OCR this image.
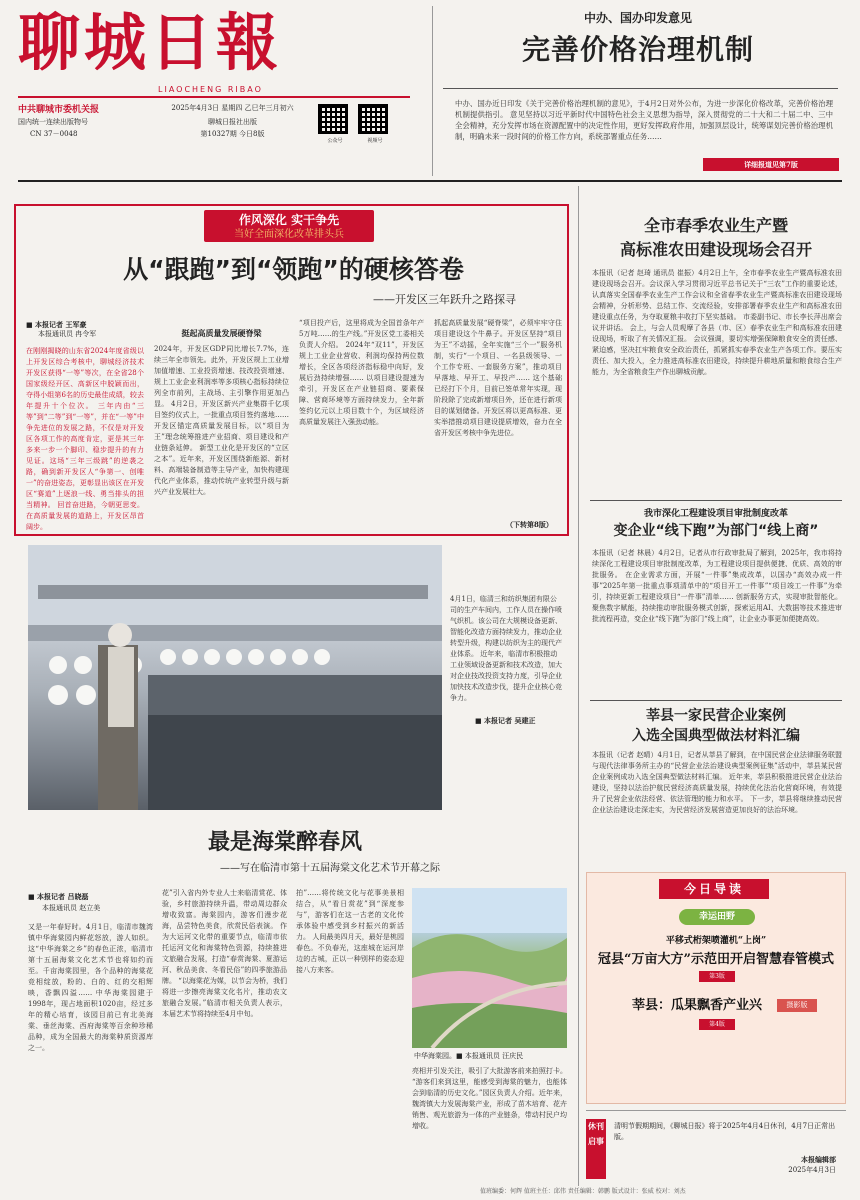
聊城日報
LIAOCHENG RIBAO
中共聊城市委机关报
国内统一连续出版物号
CN 37－0048
2025年4月3日 星期四 乙巳年三月初六
聊城日报社出版
第10327期 今日8版
公众号	视频号
中办、国办印发意见
完善价格治理机制
中办、国办近日印发《关于完善价格治理机制的意见》，于4月2日对外公布，为进一步深化价格改革，完善价格治理机制提供指引。 意见坚持以习近平新时代中国特色社会主义思想为指导，深入贯彻党的二十大和二十届二中、三中全会精神，充分发挥市场在资源配置中的决定性作用，更好发挥政府作用，加强顶层设计，统筹谋划完善价格治理机制，明确未来一段时间的价格工作方向，系统部署重点任务……
详细报道见第7版
作风深化 实干争先
当好全面深化改革排头兵
从“跟跑”到“领跑”的硬核答卷
——开发区三年跃升之路探寻
■ 本报记者 王军豪
本报通讯员 冉令军
在刚刚揭晓的山东省2024年度省级以上开发区综合考核中，聊城经济技术开发区获得“一等”等次，在全省28个国家级经开区、高新区中脱颖而出，夺得小组第6名的历史最佳成绩，较去年提升十个位次。 三年内由“三等”到“二等”到“一等”，并在“一等”中争先进位的发展之路，不仅是对开发区各项工作的高度肯定，更是其三年多来一步一个脚印、稳步提升的有力见证。这场“三年三级跳”的逆袭之路，确到新开发区人“争第一、创唯一”的奋进姿态，更彰显出该区在开发区“赛道”上逐浪一线、勇当排头的担当精神。 回首奋进路，今朝更思变。在高质量发展的道路上，开发区昂首阔步。
挺起高质量发展硬脊梁
2024年，开发区GDP同比增长7.7%，连续三年全市领先。此外，开发区规上工业增加值增速、工业投资增速、技改投资增速、规上工业企业利润率等多项核心指标持续位列全市前列，主战场、主引擎作用更加凸显。 4月2日，开发区新兴产业集群千亿项目签约仪式上，一批重点项目签约落地……开发区锚定高质量发展目标，以“项目为王”理念统筹推进产业招商、项目建设和产业链条延伸。 新型工业化是开发区的“立区之本”。近年来，开发区围绕新能源、新材料、高端装备制造等主导产业，加快构建现代化产业体系，推动传统产业转型升级与新兴产业发展壮大。
“项目投产后，这里将成为全国首条年产5万吨……的生产线。”开发区党工委相关负责人介绍。 2024年“双11”，开发区规上工业企业营收、利润均保持两位数增长，全区各项经济指标稳中向好，发展后劲持续增强…… 以项目建设提速为牵引，开发区在产业链招商、要素保障、营商环境等方面持续发力，全年新签约亿元以上项目数十个，为区域经济高质量发展注入强劲动能。
抓起高质量发展“硬脊梁”，必须牢牢守住项目建设这个牛鼻子。开发区坚持“项目为王”不动摇，全年实施“三个一”服务机制，实行“一个项目、一名县级领导、一个工作专班、一套服务方案”，推动项目早落地、早开工、早投产…… 这个基础已经打下个月，目前已签单常年实现，现阶段除了完成新增项目外，还在进行新项目的谋划储备。开发区将以更高标准、更实举措推动项目建设提质增效，奋力在全省开发区考核中争先进位。
（下转第8版）
4月1日，临清三和纺织集团有限公司的生产车间内，工作人员在操作喷气织机。该公司在大规模设备更新、智能化改造方面持续发力，推动企业转型升级，构建以纺织为主的现代产业体系。 近年来，临清市积极推动工业领域设备更新和技术改造，加大对企业技改投资支持力度，引导企业加快技术改造步伐，提升企业核心竞争力。
■ 本报记者 吴建正
最是海棠醉春风
——写在临清市第十五届海棠文化艺术节开幕之际
■ 本报记者 吕晓磊
本报通讯员 赵立美
又是一年春好时。4月1日，临清市魏湾镇中华海棠园内鲜花怒放，游人如织。这“中华海棠之乡”的春色正浓，临清市第十五届海棠文化艺术节也将如约而至。千亩海棠园里，各个品种的海棠花竞相绽放，粉的、白的、红的交相辉映，香飘四溢…… 中华海棠园建于1998年，现占地面积1020亩，经过多年的精心培育，该园目前已有北美海棠、垂丝海棠、西府海棠等百余种珍稀品种，成为全国最大的海棠种质资源库之一。
花”引入省内外专业人士来临清赏花、体验，乡村旅游持续升温，带动周边群众增收致富。海棠园内，游客们漫步花海，品尝特色美食，欣赏民俗表演。 作为大运河文化带的重要节点，临清市依托运河文化和海棠特色资源，持续推进文旅融合发展，打造“春赏海棠、夏游运河、秋品美食、冬看民俗”的四季旅游品牌。 “以海棠花为媒，以节会为桥，我们将进一步擦亮海棠文化名片，推动农文旅融合发展。”临清市相关负责人表示，本届艺术节将持续至4月中旬。
拍”……将传统文化与花事美景相结合，从“看日赏花”到“深度参与”，游客们在这一古老的文化传承体验中感受到乡村振兴的新活力。 人间最美四月天，最好是桃园春色。不负春光，这座城在运河岸边的古城，正以一种别样的姿态迎接八方来客。
中华海棠园。■ 本报通讯员 汪庆民
亮相并引发关注，吸引了大批游客前来拍照打卡。 “游客们来到这里，能感受到海棠的魅力，也能体会到临清的历史文化。”园区负责人介绍。近年来，魏湾镇大力发展海棠产业，形成了苗木培育、花卉销售、观光旅游为一体的产业链条，带动村民户均增收。
全市春季农业生产暨
高标准农田建设现场会召开
本报讯（记者 赵琦 通讯员 崔振）4月2日上午，全市春季农业生产暨高标准农田建设现场会召开。会议深入学习贯彻习近平总书记关于“三农”工作的重要论述，认真落实全国春季农业生产工作会议和全省春季农业生产暨高标准农田建设现场会精神，分析形势、总结工作、交流经验，安排部署春季农业生产和高标准农田建设重点任务，为夺取夏粮丰收打下坚实基础。 市委副书记、市长李长萍出席会议并讲话。 会上，与会人员观摩了各县（市、区）春季农业生产和高标准农田建设现场，听取了有关情况汇报。 会议强调，要切实增强保障粮食安全的责任感、紧迫感，坚决扛牢粮食安全政治责任，抓紧抓实春季农业生产各项工作。要压实责任、加大投入，全力推进高标准农田建设，持续提升耕地质量和粮食综合生产能力，为全省粮食生产作出聊城贡献。
我市深化工程建设项目审批制度改革
变企业“线下跑”为部门“线上商”
本报讯（记者 林晨）4月2日，记者从市行政审批局了解到，2025年，我市将持续深化工程建设项目审批制度改革，为工程建设项目提供便捷、优质、高效的审批服务。 在企业需求方面，开展“一件事”集成改革，以国办“高效办成一件事”2025年第一批重点事项清单中的“项目开工一件事”“项目竣工一件事”为牵引，持续更新工程建设项目“一件事”清单…… 创新服务方式，实现审批智能化。聚焦数字赋能，持续推动审批服务模式创新，探索运用AI、大数据等技术推进审批流程再造，变企业“线下跑”为部门“线上商”，让企业办事更加便捷高效。
莘县一家民营企业案例
入选全国典型做法材料汇编
本报讯（记者 赵晴）4月1日，记者从莘县了解到，在中国民营企业法律服务联盟与现代法律事务所主办的“民营企业法治建设典型案例征集”活动中，莘县某民营企业案例成功入选全国典型做法材料汇编。 近年来，莘县积极推进民营企业法治建设，坚持以法治护航民营经济高质量发展，持续优化法治化营商环境，有效提升了民营企业依法经营、依法管理的能力和水平。 下一步，莘县将继续推动民营企业法治建设走深走实，为民营经济发展营造更加良好的法治环境。
今日导读
幸运田野
平移式桁架喷灌机“上岗”
冠县“万亩大方”示范田开启智慧春管模式
第3版
莘县：瓜果飘香产业兴	摄影版
第4版
休刊启事
清明节假期期间，《聊城日报》将于2025年4月4日休刊，4月7日正常出版。
本报编辑部
2025年4月3日
值班编委：何辉 值班主任：邱伟 责任编辑：韩鹏 版式设计：张威 校对：刘杰
